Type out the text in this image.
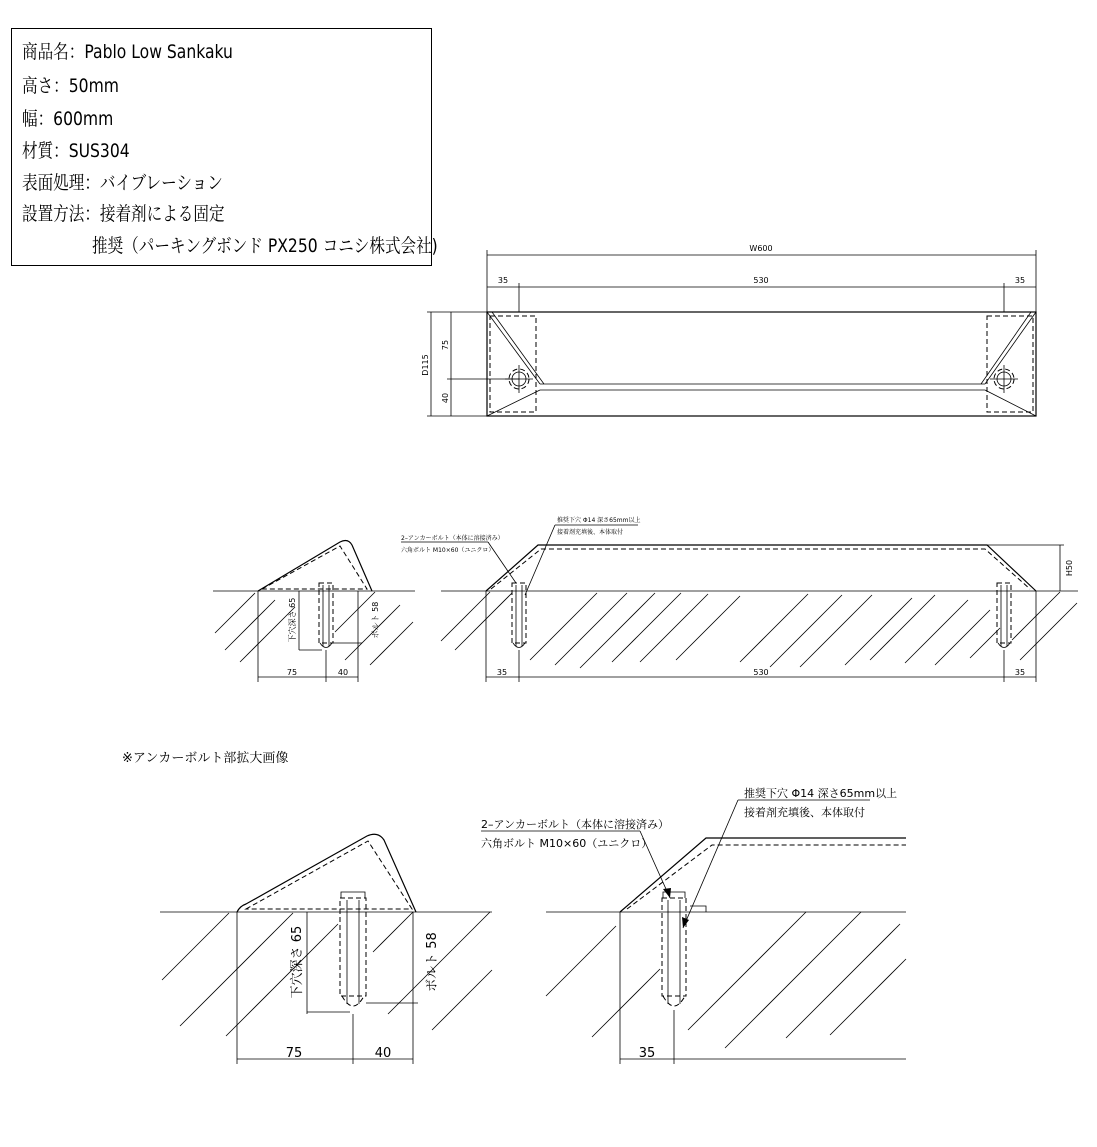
商品名：Pablo Low Sankaku
高さ：50mm
幅：600mm
材質：SUS304
表面処理：バイブレーション
設置方法：接着剤による固定
推奨（パーキングボンド PX250 コニシ株式会社)	W600
35	530	35
D115
75
40
下穴深さ 65	ボルト 58
75	40
H50
2–アンカーボルト（本体に溶接済み）
六角ボルト M10×60（ユニクロ）
推奨下穴 Φ14 深さ65mm以上
接着剤充填後、本体取付
35	530	35
※アンカーボルト部拡大画像
下穴深さ 65	ボルト 58
75	40
2–アンカーボルト（本体に溶接済み）
六角ボルト M10×60（ユニクロ）
推奨下穴 Φ14 深さ65mm以上
接着剤充填後、本体取付
35
